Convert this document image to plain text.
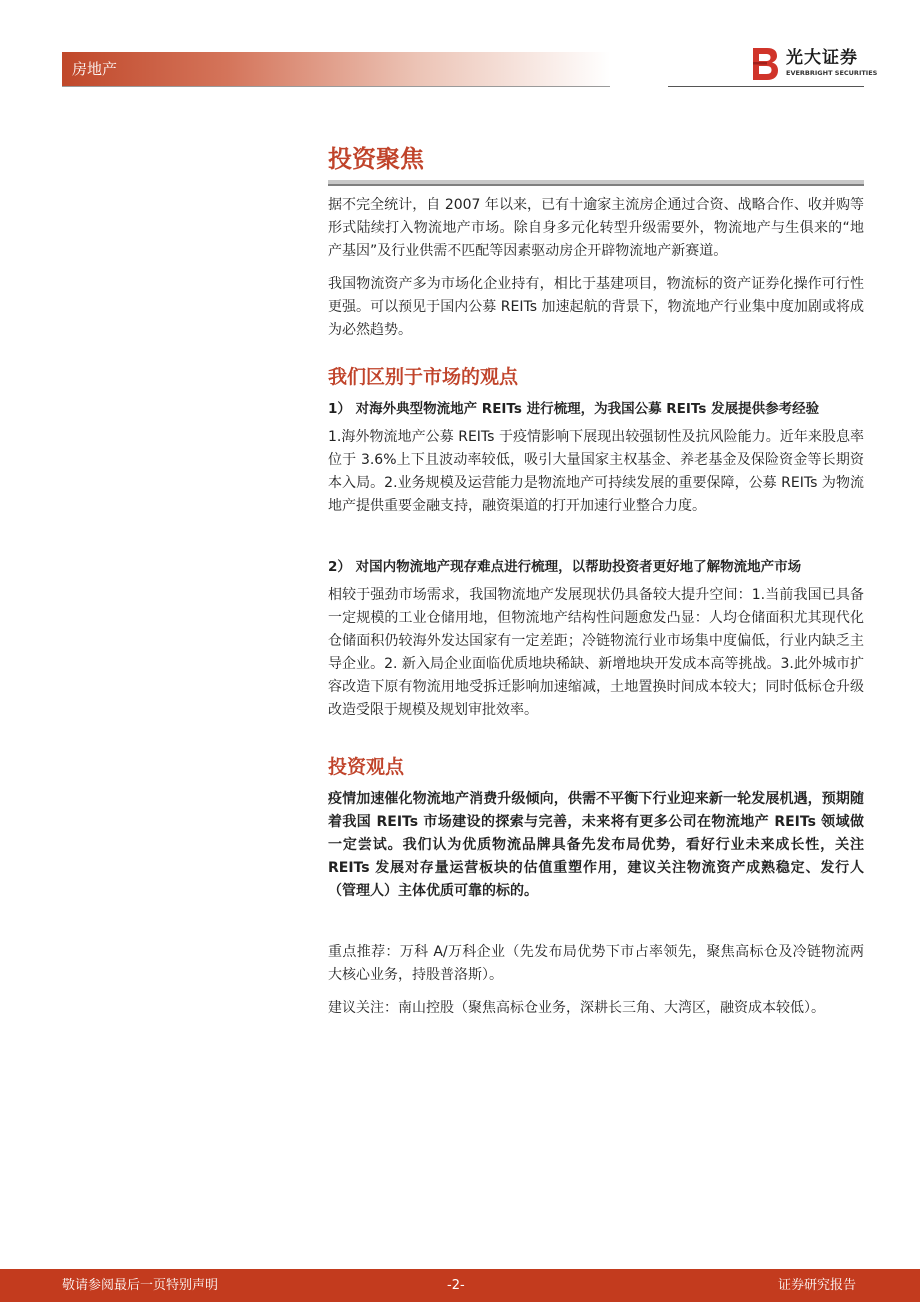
房地产
光大证券
EVERBRIGHT SECURITIES
投资聚焦

据不完全统计，自 2007 年以来，已有十逾家主流房企通过合资、战略合作、收并购等形式陆续打入物流地产市场。除自身多元化转型升级需要外，物流地产与生俱来的“地产基因”及行业供需不匹配等因素驱动房企开辟物流地产新赛道。

我国物流资产多为市场化企业持有，相比于基建项目，物流标的资产证券化操作可行性更强。可以预见于国内公募 REITs 加速起航的背景下，物流地产行业集中度加剧或将成为必然趋势。

我们区别于市场的观点
1） 对海外典型物流地产 REITs 进行梳理，为我国公募 REITs 发展提供参考经验

1.海外物流地产公募 REITs 于疫情影响下展现出较强韧性及抗风险能力。近年来股息率位于 3.6%上下且波动率较低，吸引大量国家主权基金、养老基金及保险资金等长期资本入局。2.业务规模及运营能力是物流地产可持续发展的重要保障，公募 REITs 为物流地产提供重要金融支持，融资渠道的打开加速行业整合力度。

2） 对国内物流地产现存难点进行梳理，以帮助投资者更好地了解物流地产市场

相较于强劲市场需求，我国物流地产发展现状仍具备较大提升空间：1.当前我国已具备一定规模的工业仓储用地，但物流地产结构性问题愈发凸显：人均仓储面积尤其现代化仓储面积仍较海外发达国家有一定差距；冷链物流行业市场集中度偏低，行业内缺乏主导企业。2. 新入局企业面临优质地块稀缺、新增地块开发成本高等挑战。3.此外城市扩容改造下原有物流用地受拆迁影响加速缩减，土地置换时间成本较大；同时低标仓升级改造受限于规模及规划审批效率。

投资观点

疫情加速催化物流地产消费升级倾向，供需不平衡下行业迎来新一轮发展机遇，预期随着我国 REITs 市场建设的探索与完善，未来将有更多公司在物流地产 REITs 领域做一定尝试。我们认为优质物流品牌具备先发布局优势，看好行业未来成长性，关注 REITs 发展对存量运营板块的估值重塑作用，建议关注物流资产成熟稳定、发行人（管理人）主体优质可靠的标的。

重点推荐：万科 A/万科企业（先发布局优势下市占率领先，聚焦高标仓及冷链物流两大核心业务，持股普洛斯）。

建议关注：南山控股（聚焦高标仓业务，深耕长三角、大湾区，融资成本较低）。

敬请参阅最后一页特别声明	-2-	证券研究报告
